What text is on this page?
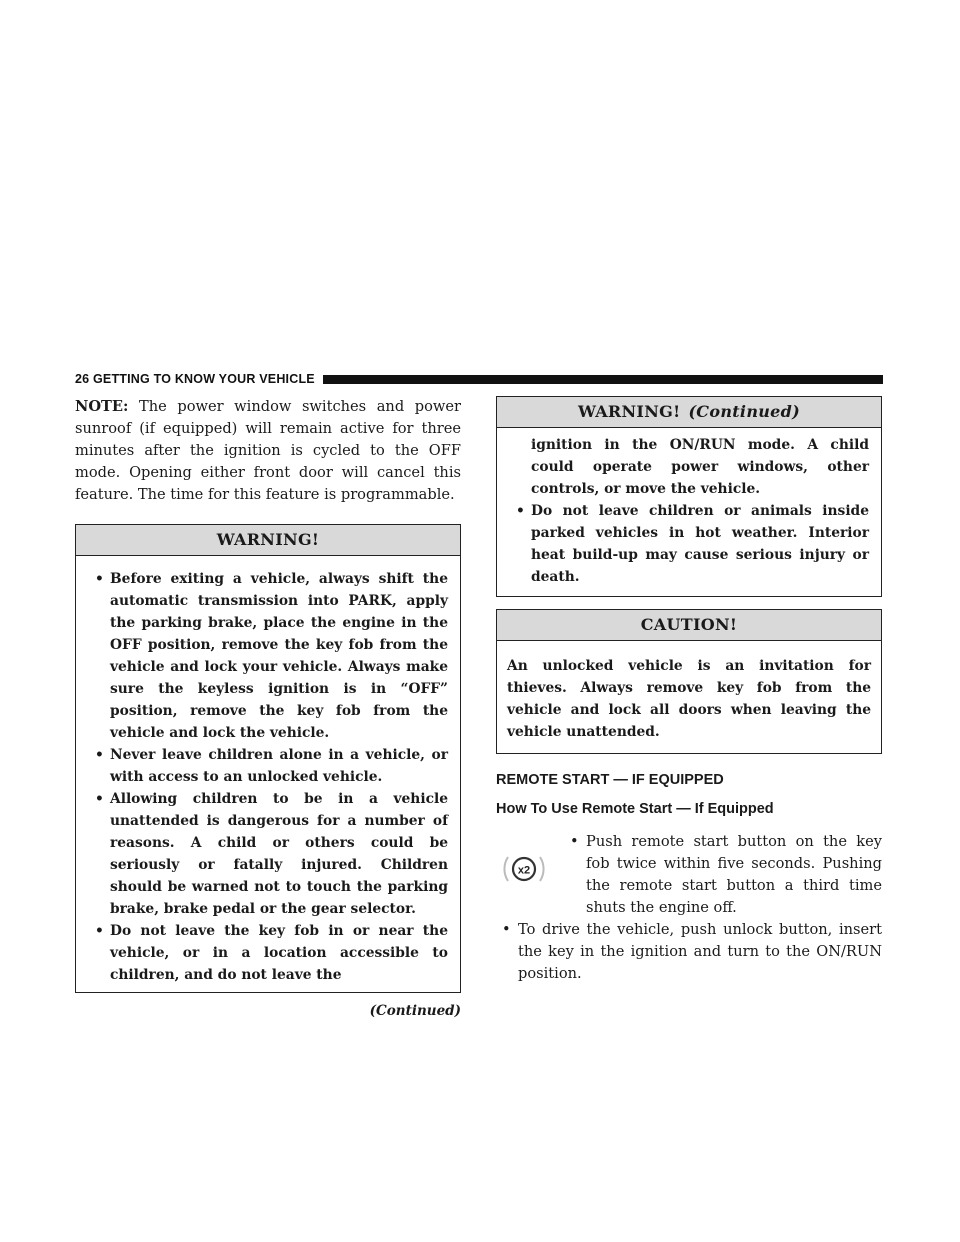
26 GETTING TO KNOW YOUR VEHICLE

NOTE: The power window switches and power sunroof (if equipped) will remain active for three minutes after the ignition is cycled to the OFF mode. Opening either front door will cancel this feature. The time for this feature is programmable.

WARNING!
• Before exiting a vehicle, always shift the automatic transmission into PARK, apply the parking brake, place the engine in the OFF position, remove the key fob from the vehicle and lock your vehicle. Always make sure the keyless ignition is in “OFF” position, remove the key fob from the vehicle and lock the vehicle.
• Never leave children alone in a vehicle, or with access to an unlocked vehicle.
• Allowing children to be in a vehicle unattended is dangerous for a number of reasons. A child or others could be seriously or fatally injured. Children should be warned not to touch the parking brake, brake pedal or the gear selector.
• Do not leave the key fob in or near the vehicle, or in a location accessible to children, and do not leave the
(Continued)
WARNING! (Continued)

ignition in the ON/RUN mode. A child could operate power windows, other controls, or move the vehicle.

• Do not leave children or animals inside parked vehicles in hot weather. Interior heat build-up may cause serious injury or death.
CAUTION!

An unlocked vehicle is an invitation for thieves. Always remove key fob from the vehicle and lock all doors when leaving the vehicle unattended.

REMOTE START — IF EQUIPPED
How To Use Remote Start — If Equipped
x2
• Push remote start button on the key fob twice within five seconds. Pushing the remote start button a third time shuts the engine off.
• To drive the vehicle, push unlock button, insert the key in the ignition and turn to the ON/RUN position.
